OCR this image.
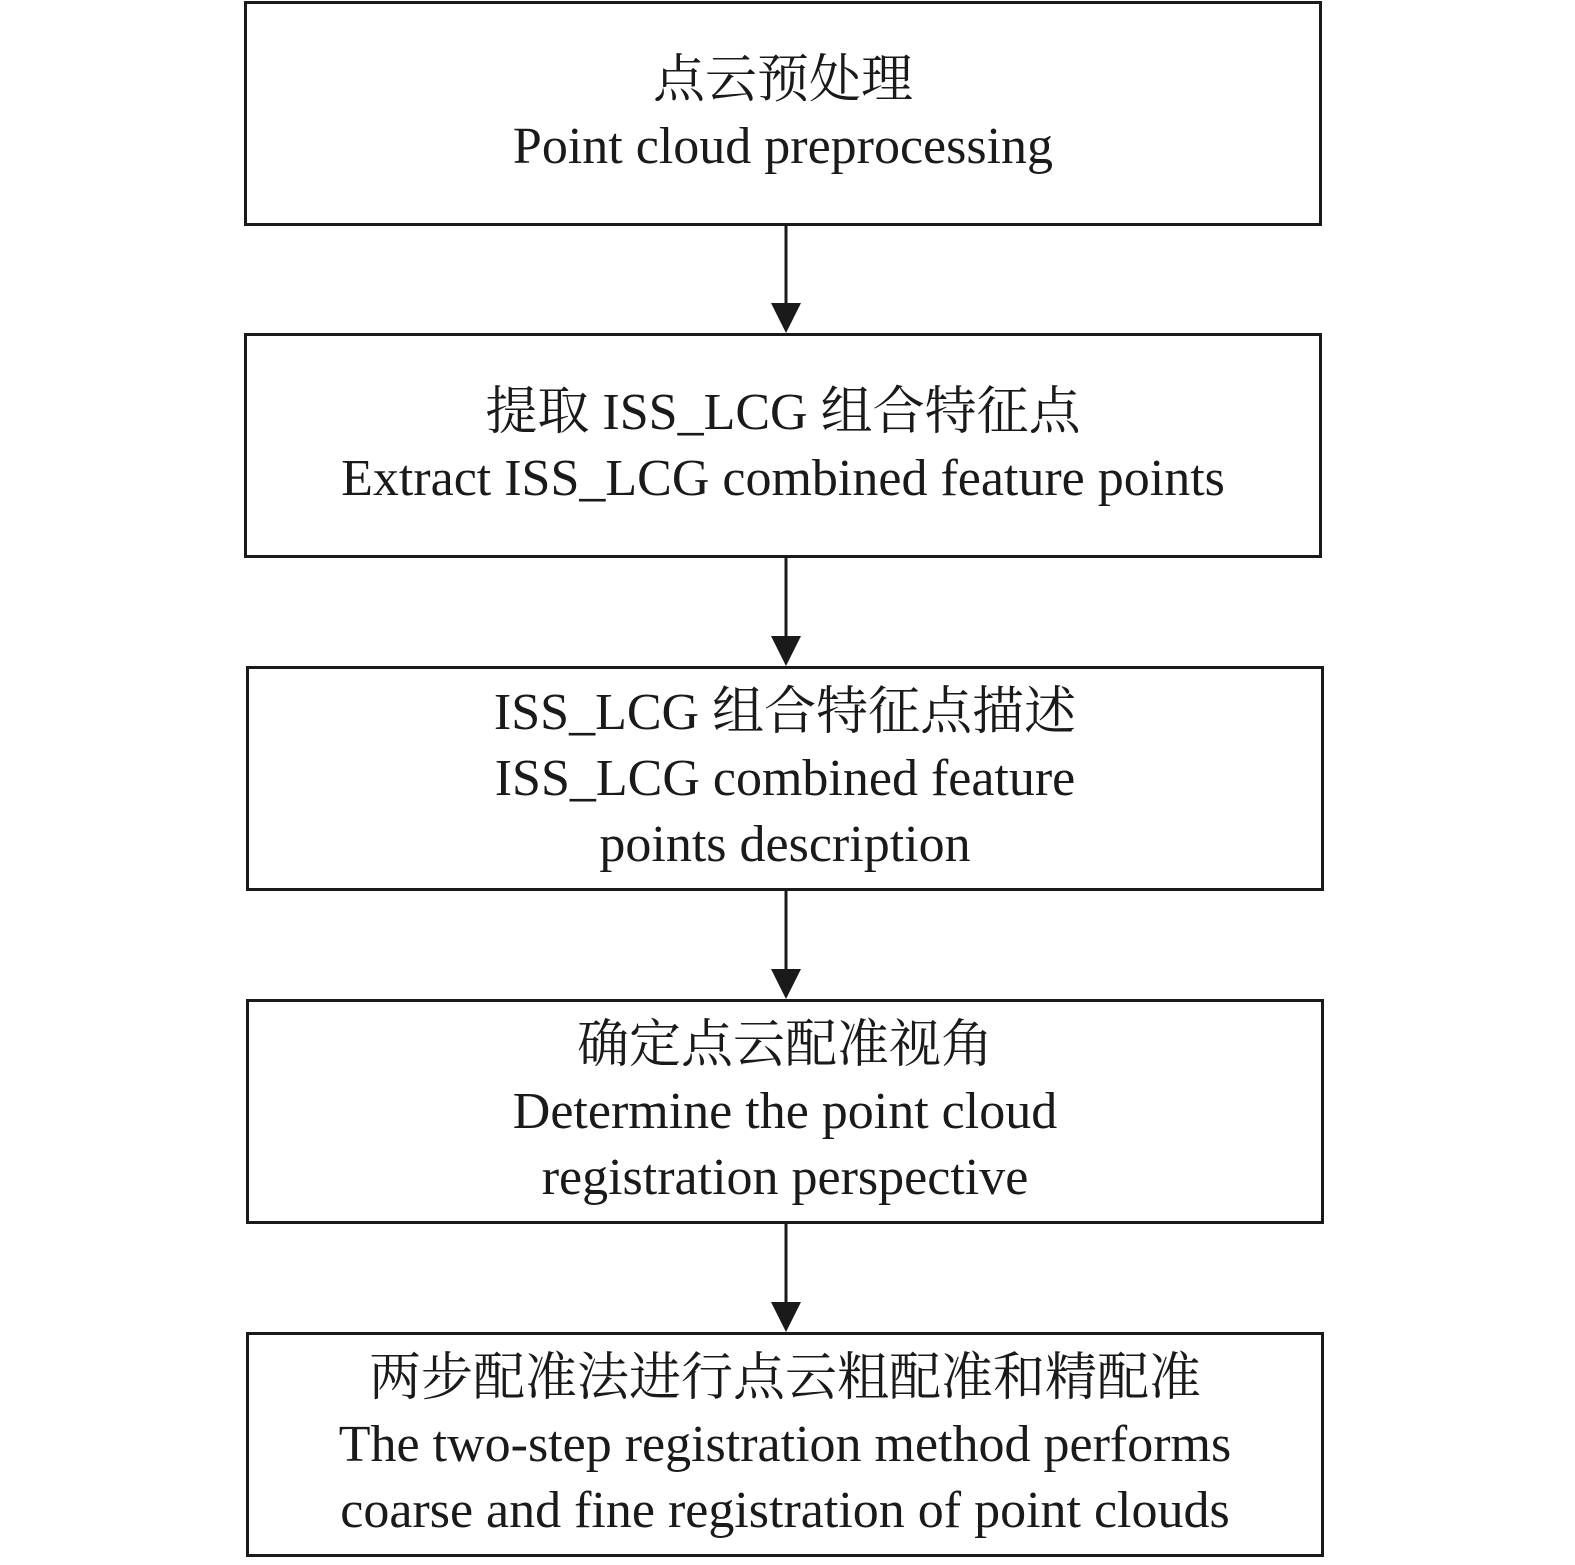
点云预处理
Point cloud preprocessing
提取 ISS_LCG 组合特征点
Extract ISS_LCG combined feature points
ISS_LCG 组合特征点描述
ISS_LCG combined feature
points description
确定点云配准视角
Determine the point cloud
registration perspective
两步配准法进行点云粗配准和精配准
The two-step registration method performs
coarse and fine registration of point clouds
